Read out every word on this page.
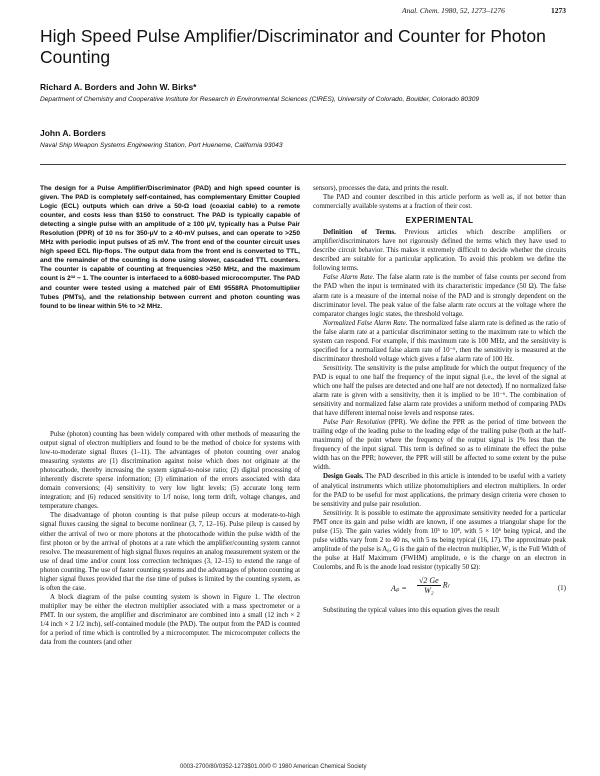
Anal. Chem. 1980, 52, 1273–1276	1273
High Speed Pulse Amplifier/Discriminator and Counter for Photon Counting
Richard A. Borders and John W. Birks*
Department of Chemistry and Cooperative Institute for Research in Environmental Sciences (CIRES), University of Colorado, Boulder, Colorado 80309
John A. Borders
Naval Ship Weapon Systems Engineering Station, Port Hueneme, California 93043

The design for a Pulse Amplifier/Discriminator (PAD) and high speed counter is given. The PAD is completely self-contained, has complementary Emitter Coupled Logic (ECL) outputs which can drive a 50-Ω load (coaxial cable) to a remote counter, and costs less than $150 to construct. The PAD is typically capable of detecting a single pulse with an amplitude of ≥ 100 μV, typically has a Pulse Pair Resolution (PPR) of 10 ns for 350-μV to ≥ 40-mV pulses, and can operate to >250 MHz with periodic input pulses of ≥5 mV. The front end of the counter circuit uses high speed ECL flip-flops. The output data from the front end is converted to TTL, and the remainder of the counting is done using slower, cascaded TTL counters. The counter is capable of counting at frequencies >250 MHz, and the maximum count is 2³² − 1. The counter is interfaced to a 6080-based microcomputer. The PAD and counter were tested using a matched pair of EMI 9558RA Photomultiplier Tubes (PMTs), and the relationship between current and photon counting was found to be linear within 5% to >2 MHz.

Pulse (photon) counting has been widely compared with other methods of measuring the output signal of electron multipliers and found to be the method of choice for systems with low-to-moderate signal fluxes (1–11). The advantages of photon counting over analog measuring systems are (1) discrimination against noise which does not originate at the photocathode, thereby increasing the system signal-to-noise ratio; (2) digital processing of inherently discrete sperse information; (3) elimination of the errors associated with data domain conversions; (4) sensitivity to very low light levels; (5) accurate long term integration; and (6) reduced sensitivity to 1/f noise, long term drift, voltage changes, and temperature changes.

The disadvantage of photon counting is that pulse pileup occurs at moderate-to-high signal fluxes causing the signal to become nonlinear (3, 7, 12–16). Pulse pileup is caused by either the arrival of two or more photons at the photocathode within the pulse width of the first photon or by the arrival of photons at a rate which the amplifier/counting system cannot resolve. The measurement of high signal fluxes requires an analog measurement system or the use of dead time and/or count loss correction techniques (3, 12–15) to extend the range of photon counting. The use of faster counting systems and the advantages of photon counting at higher signal fluxes provided that the rise time of pulses is limited by the counting system, as is often the case.

A block diagram of the pulse counting system is shown in Figure 1. The electron multiplier may be either the electron multiplier associated with a mass spectrometer or a PMT. In our system, the amplifier and discriminator are combined into a small (12 inch × 2 1/4 inch × 2 1/2 inch), self-contained module (the PAD). The output from the PAD is counted for a period of time which is controlled by a microcomputer. The microcomputer collects the data from the counters (and other

sensors), processes the data, and prints the result.

The PAD and counter described in this article perform as well as, if not better than commercially available systems at a fraction of their cost.

EXPERIMENTAL

Definition of Terms. Previous articles which describe amplifiers or amplifier/discriminators have not rigorously defined the terms which they have used to describe circuit behavior. This makes it extremely difficult to decide whether the circuits described are suitable for a particular application. To avoid this problem we define the following terms.

False Alarm Rate. The false alarm rate is the number of false counts per second from the PAD when the input is terminated with its characteristic impedance (50 Ω). The false alarm rate is a measure of the internal noise of the PAD and is strongly dependent on the discriminator level. The peak value of the false alarm rate occurs at the voltage where the comparator changes logic states, the threshold voltage.

Normalized False Alarm Rate. The normalized false alarm rate is defined as the ratio of the false alarm rate at a particular discriminator setting to the maximum rate to which the system can respond. For example, if this maximum rate is 100 MHz, and the sensitivity is specified for a normalized false alarm rate of 10⁻⁶, then the sensitivity is measured at the discriminator threshold voltage which gives a false alarm rate of 100 Hz.

Sensitivity. The sensitivity is the pulse amplitude for which the output frequency of the PAD is equal to one half the frequency of the input signal (i.e., the level of the signal at which one half the pulses are detected and one half are not detected). If no normalized false alarm rate is given with a sensitivity, then it is implied to be 10⁻⁶. The combination of sensitivity and normalized false alarm rate provides a uniform method of comparing PADs that have different internal noise levels and response rates.

Pulse Pair Resolution (PPR). We define the PPR as the period of time between the trailing edge of the leading pulse to the leading edge of the trailing pulse (both at the half-maximum) of the point where the frequency of the output signal is 1% less than the frequency of the input signal. This term is defined so as to eliminate the effect the pulse width has on the PPR; however, the PPR will still be affected to some extent by the pulse width.

Design Goals. The PAD described in this article is intended to be useful with a variety of analytical instruments which utilize photomultipliers and electron multipliers. In order for the PAD to be useful for most applications, the primary design criteria were chosen to be sensitivity and pulse pair resolution.

Sensitivity. It is possible to estimate the approximate sensitivity needed for a particular PMT once its gain and pulse width are known, if one assumes a triangular shape for the pulse (15). The gain varies widely from 10⁵ to 10⁸, with 5 × 10⁶ being typical, and the pulse widths vary from 2 to 40 ns, with 5 ns being typical (16, 17). The approximate peak amplitude of the pulse is A₀, G is the gain of the electron multiplier, W₂ is the Full Width of the pulse at Half Maximum (FWHM) amplitude, e is the charge on an electron in Coulombs, and Rₗ is the anode load resistor (typically 50 Ω):

$A_p = \frac{√2 Ge}{\text{W₂}}$ Rₗ	(1)

Substituting the typical values into this equation gives the result

0003-2700/80/0352-1273$01.00/0 © 1980 American Chemical Society
